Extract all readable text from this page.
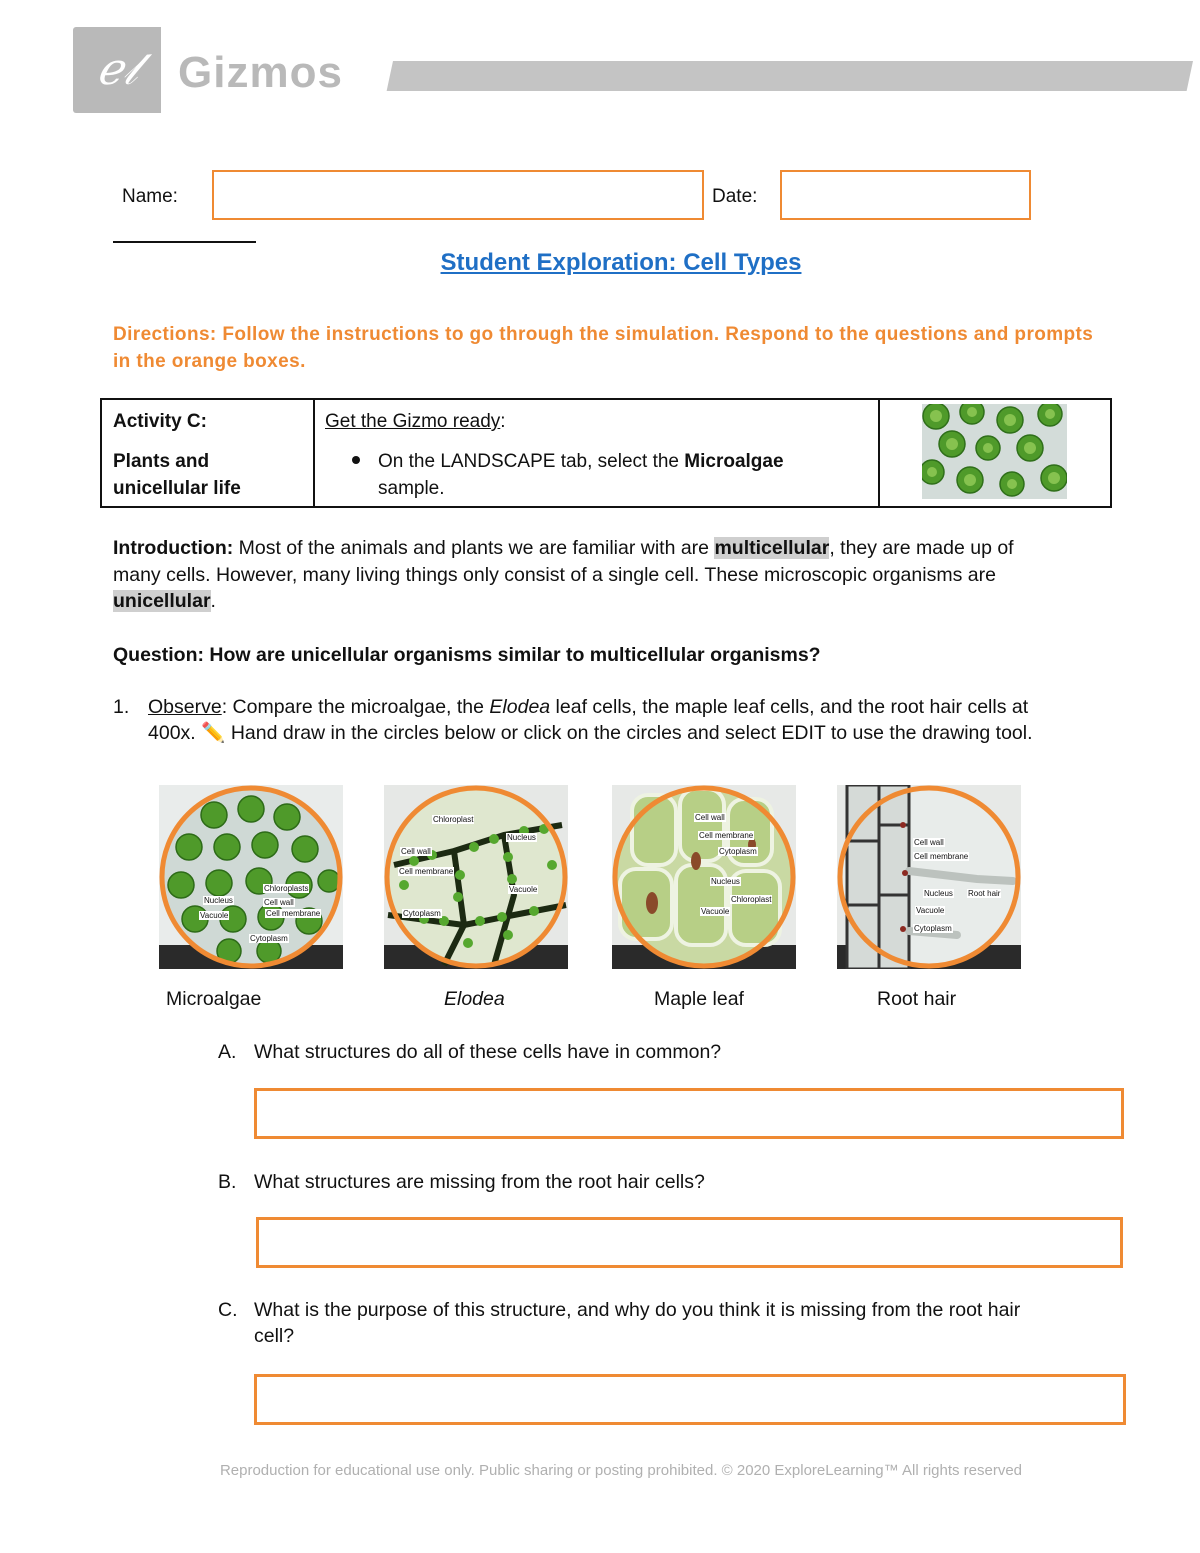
ℯ𝓁 Gizmos
Name:	Date:
Student Exploration: Cell Types
Directions: Follow the instructions to go through the simulation. Respond to the questions and prompts in the orange boxes.
Activity C:
Plants and
unicellular life
Get the Gizmo ready:
On the LANDSCAPE tab, select the Microalgae
sample.
Introduction: Most of the animals and plants we are familiar with are multicellular, they are made up of
many cells. However, many living things only consist of a single cell. These microscopic organisms are
unicellular.
Question: How are unicellular organisms similar to multicellular organisms?
1. Observe: Compare the microalgae, the Elodea leaf cells, the maple leaf cells, and the root hair cells at
400x. ✏️ Hand draw in the circles below or click on the circles and select EDIT to use the drawing tool.
Chloroplasts
Nucleus	Cell wall
Vacuole	Cell membrane
Cytoplasm
Chloroplast
Nucleus
Cell wall
Cell membrane
Vacuole
Cytoplasm
Cell wall
Cell membrane
Cytoplasm
Nucleus
Chloroplast
Vacuole
Cell wall
Cell membrane
Nucleus Root hair
Vacuole
Cytoplasm
Microalgae	Elodea	Maple leaf	Root hair
A. What structures do all of these cells have in common?
B. What structures are missing from the root hair cells?
C. What is the purpose of this structure, and why do you think it is missing from the root hair
cell?
Reproduction for educational use only. Public sharing or posting prohibited. © 2020 ExploreLearning™ All rights reserved
